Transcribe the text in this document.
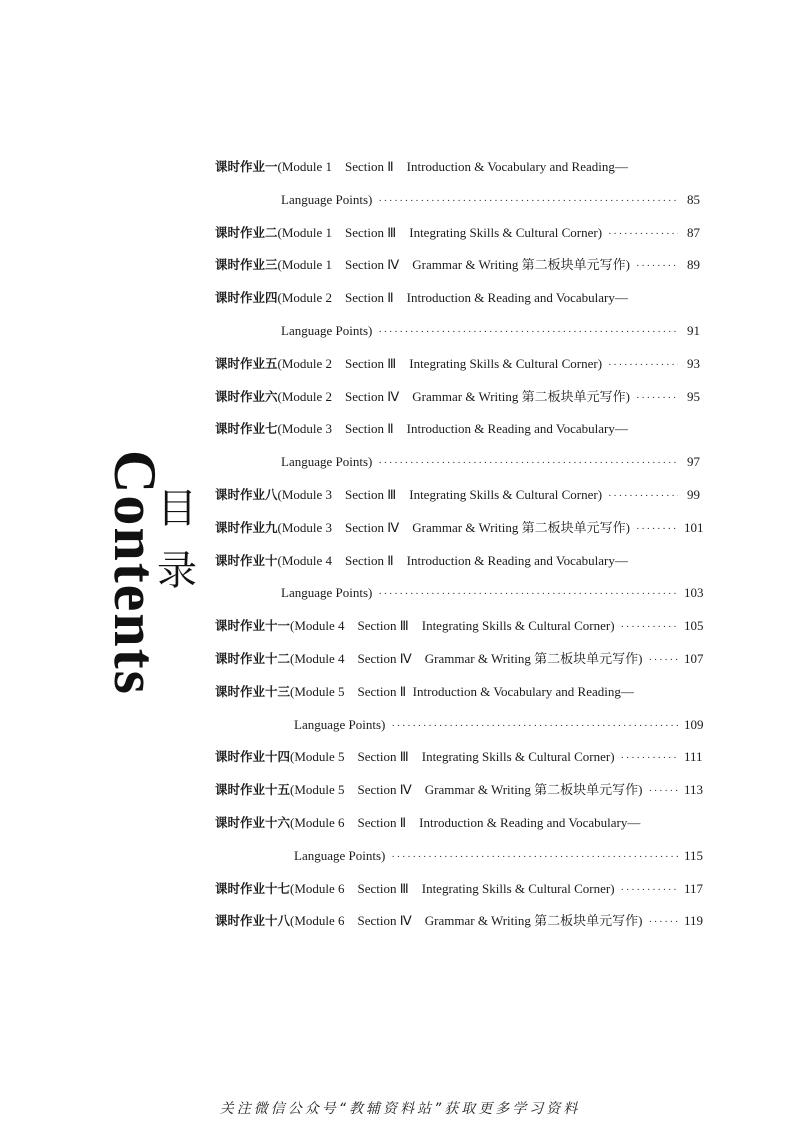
Contents
目
录
课时作业一 (Module 1    Section Ⅱ    Introduction & Vocabulary and Reading—
Language Points) ·····	85
课时作业二 (Module 1    Section Ⅲ    Integrating Skills & Cultural Corner) ·····	87
课时作业三 (Module 1    Section Ⅳ    Grammar & Writing 第二板块单元写作) ·····	89
课时作业四 (Module 2    Section Ⅱ    Introduction & Reading and Vocabulary—
Language Points) ·····	91
课时作业五 (Module 2    Section Ⅲ    Integrating Skills & Cultural Corner) ·····	93
课时作业六 (Module 2    Section Ⅳ    Grammar & Writing 第二板块单元写作) ·····	95
课时作业七 (Module 3    Section Ⅱ    Introduction & Reading and Vocabulary—
Language Points) ·····	97
课时作业八 (Module 3    Section Ⅲ    Integrating Skills & Cultural Corner) ·····	99
课时作业九 (Module 3    Section Ⅳ    Grammar & Writing 第二板块单元写作) ·····	101
课时作业十 (Module 4    Section Ⅱ    Introduction & Reading and Vocabulary—
Language Points) ·····	103
课时作业十一 (Module 4    Section Ⅲ    Integrating Skills & Cultural Corner) ·····	105
课时作业十二 (Module 4    Section Ⅳ    Grammar & Writing 第二板块单元写作) ·····	107
课时作业十三 (Module 5    Section Ⅱ  Introduction & Vocabulary and Reading—
Language Points) ·····	109
课时作业十四 (Module 5    Section Ⅲ    Integrating Skills & Cultural Corner) ·····	111
课时作业十五 (Module 5    Section Ⅳ    Grammar & Writing 第二板块单元写作) ·····	113
课时作业十六 (Module 6    Section Ⅱ    Introduction & Reading and Vocabulary—
Language Points) ·····	115
课时作业十七 (Module 6    Section Ⅲ    Integrating Skills & Cultural Corner) ·····	117
课时作业十八 (Module 6    Section Ⅳ    Grammar & Writing 第二板块单元写作) ·····	119
关注微信公众号“教辅资料站”获取更多学习资料
